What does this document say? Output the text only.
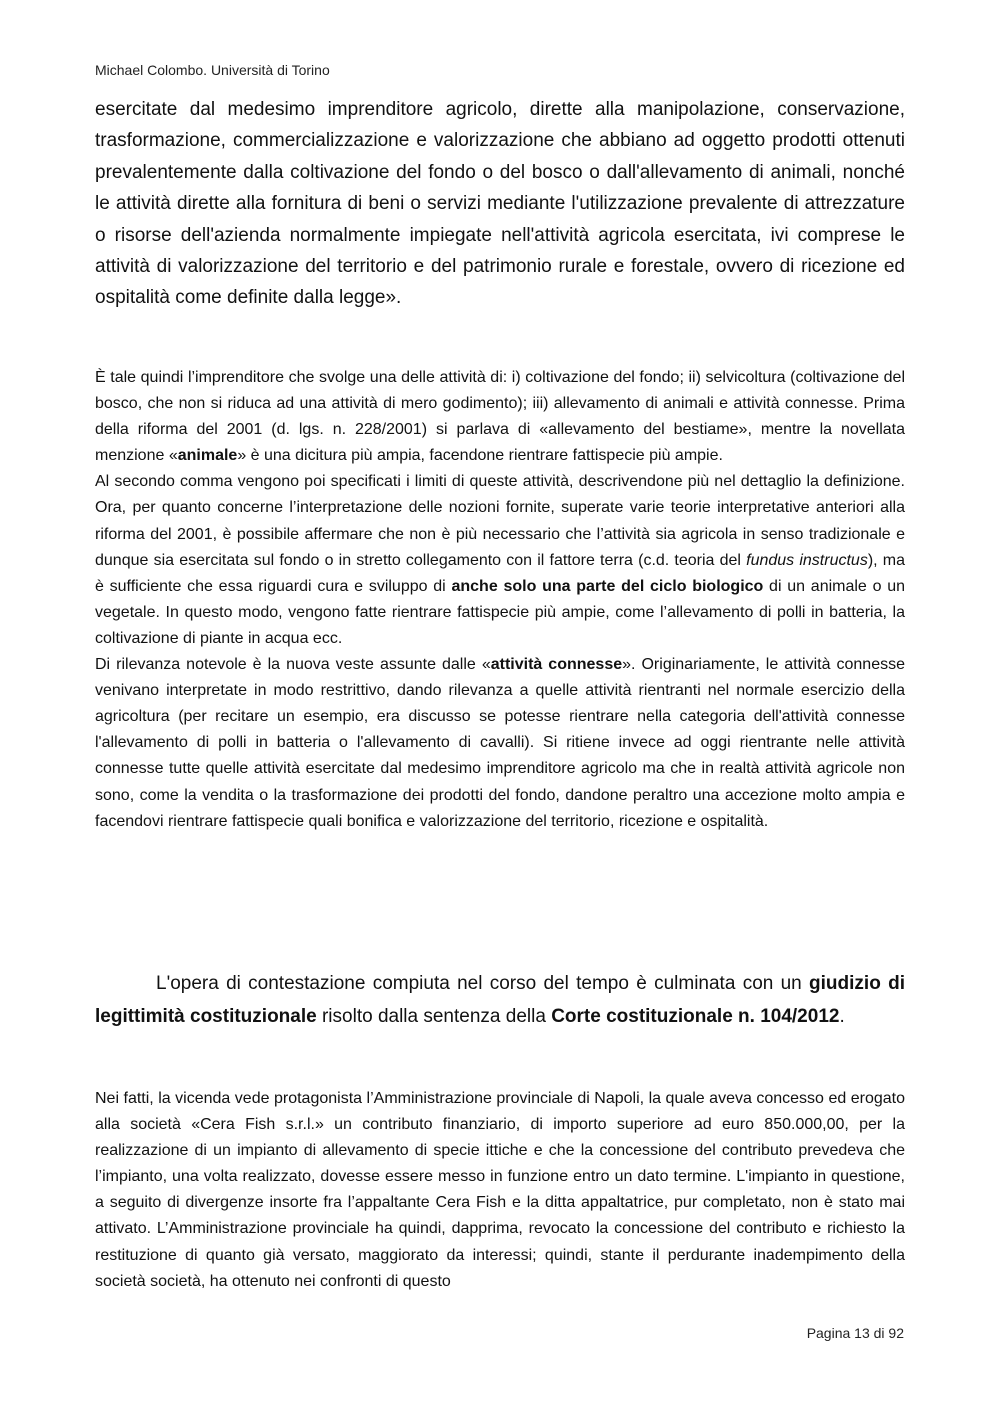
Michael Colombo. Università di Torino

esercitate dal medesimo imprenditore agricolo, dirette alla manipolazione, conservazione, trasformazione, commercializzazione e valorizzazione che abbiano ad oggetto prodotti ottenuti prevalentemente dalla coltivazione del fondo o del bosco o dall'allevamento di animali, nonché le attività dirette alla fornitura di beni o servizi mediante l'utilizzazione prevalente di attrezzature o risorse dell'azienda normalmente impiegate nell'attività agricola esercitata, ivi comprese le attività di valorizzazione del territorio e del patrimonio rurale e forestale, ovvero di ricezione ed ospitalità come definite dalla legge».

È tale quindi l’imprenditore che svolge una delle attività di: i) coltivazione del fondo; ii) selvicoltura (coltivazione del bosco, che non si riduca ad una attività di mero godimento); iii) allevamento di animali e attività connesse. Prima della riforma del 2001 (d. lgs. n. 228/2001) si parlava di «allevamento del bestiame», mentre la novellata menzione «animale» è una dicitura più ampia, facendone rientrare fattispecie più ampie.
Al secondo comma vengono poi specificati i limiti di queste attività, descrivendone più nel dettaglio la definizione. Ora, per quanto concerne l’interpretazione delle nozioni fornite, superate varie teorie interpretative anteriori alla riforma del 2001, è possibile affermare che non è più necessario che l’attività sia agricola in senso tradizionale e dunque sia esercitata sul fondo o in stretto collegamento con il fattore terra (c.d. teoria del fundus instructus), ma è sufficiente che essa riguardi cura e sviluppo di anche solo una parte del ciclo biologico di un animale o un vegetale. In questo modo, vengono fatte rientrare fattispecie più ampie, come l’allevamento di polli in batteria, la coltivazione di piante in acqua ecc.
Di rilevanza notevole è la nuova veste assunte dalle «attività connesse». Originariamente, le attività connesse venivano interpretate in modo restrittivo, dando rilevanza a quelle attività rientranti nel normale esercizio della agricoltura (per recitare un esempio, era discusso se potesse rientrare nella categoria dell'attività connesse l'allevamento di polli in batteria o l'allevamento di cavalli). Si ritiene invece ad oggi rientrante nelle attività connesse tutte quelle attività esercitate dal medesimo imprenditore agricolo ma che in realtà attività agricole non sono, come la vendita o la trasformazione dei prodotti del fondo, dandone peraltro una accezione molto ampia e facendovi rientrare fattispecie quali bonifica e valorizzazione del territorio, ricezione e ospitalità.

L'opera di contestazione compiuta nel corso del tempo è culminata con un giudizio di legittimità costituzionale risolto dalla sentenza della Corte costituzionale n. 104/2012.

Nei fatti, la vicenda vede protagonista l’Amministrazione provinciale di Napoli, la quale aveva concesso ed erogato alla società «Cera Fish s.r.l.» un contributo finanziario, di importo superiore ad euro 850.000,00, per la realizzazione di un impianto di allevamento di specie ittiche e che la concessione del contributo prevedeva che l’impianto, una volta realizzato, dovesse essere messo in funzione entro un dato termine. L'impianto in questione, a seguito di divergenze insorte fra l’appaltante Cera Fish e la ditta appaltatrice, pur completato, non è stato mai attivato. L’Amministrazione provinciale ha quindi, dapprima, revocato la concessione del contributo e richiesto la restituzione di quanto già versato, maggiorato da interessi; quindi, stante il perdurante inadempimento della società società, ha ottenuto nei confronti di questo

Pagina 13 di 92
